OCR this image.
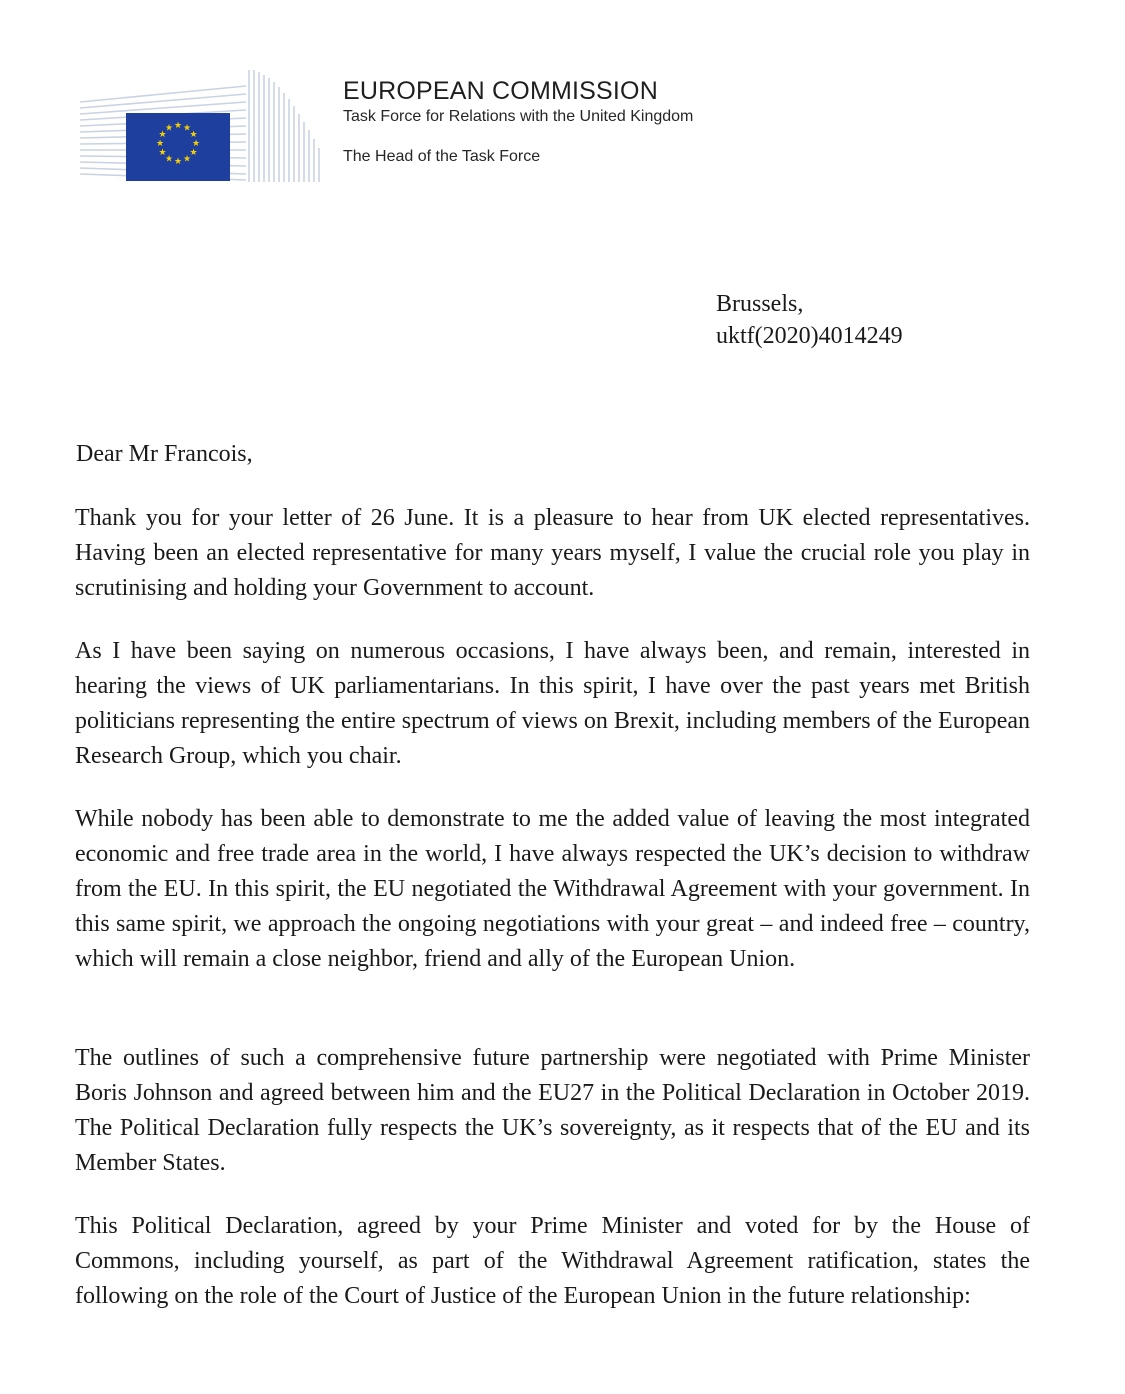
★ ★
★
★
★
★
★
★
★
★
★
★
EUROPEAN COMMISSION
Task Force for Relations with the United Kingdom
The Head of the Task Force
Brussels,
uktf(2020)4014249
Dear Mr Francois,

Thank you for your letter of 26 June. It is a pleasure to hear from UK elected representatives. Having been an elected representative for many years myself, I value the crucial role you play in scrutinising and holding your Government to account.

As I have been saying on numerous occasions, I have always been, and remain, interested in hearing the views of UK parliamentarians. In this spirit, I have over the past years met British politicians representing the entire spectrum of views on Brexit, including members of the European Research Group, which you chair.

While nobody has been able to demonstrate to me the added value of leaving the most integrated economic and free trade area in the world, I have always respected the UK’s decision to withdraw from the EU. In this spirit, the EU negotiated the Withdrawal Agreement with your government. In this same spirit, we approach the ongoing negotiations with your great – and indeed free – country, which will remain a close neighbor, friend and ally of the European Union.

The outlines of such a comprehensive future partnership were negotiated with Prime Minister Boris Johnson and agreed between him and the EU27 in the Political Declaration in October 2019. The Political Declaration fully respects the UK’s sovereignty, as it respects that of the EU and its Member States.

This Political Declaration, agreed by your Prime Minister and voted for by the House of Commons, including yourself, as part of the Withdrawal Agreement ratification, states the following on the role of the Court of Justice of the European Union in the future relationship:
